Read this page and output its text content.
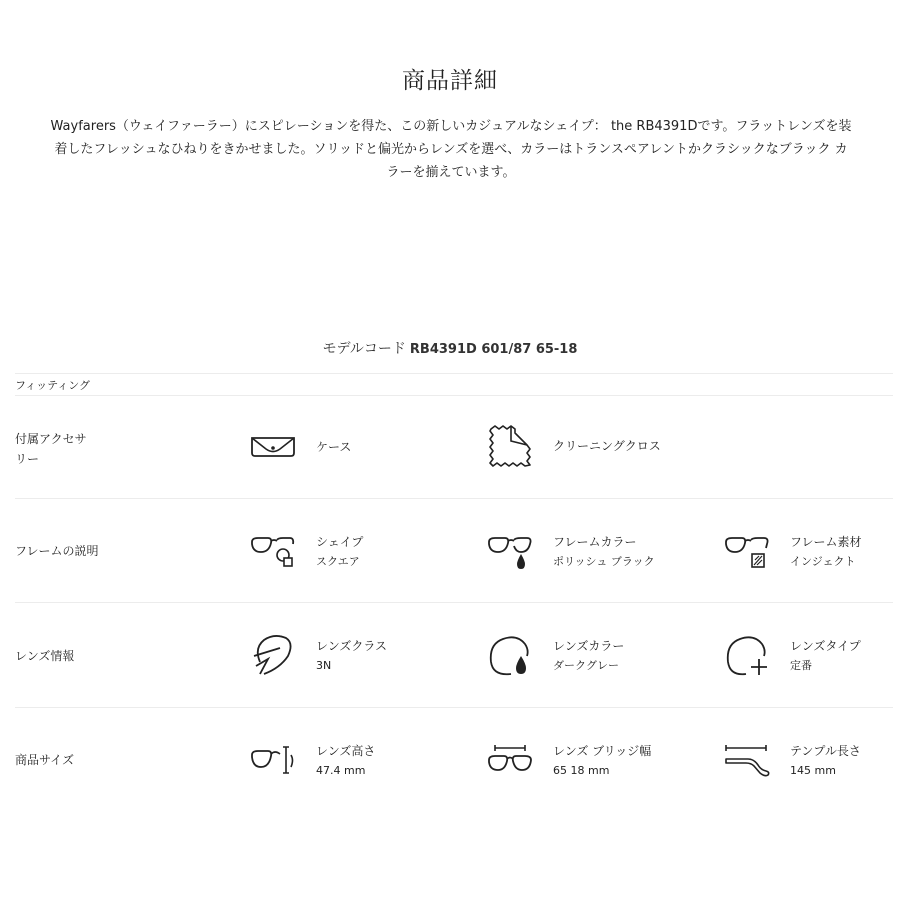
商品詳細
Wayfarers（ウェイファーラー）にスピレーションを得た、この新しいカジュアルなシェイプ： the RB4391Dです。フラットレンズを装
着したフレッシュなひねりをきかせました。ソリッドと偏光からレンズを選べ、カラーはトランスペアレントかクラシックなブラック カ
ラーを揃えています。
モデルコード RB4391D 601/87 65-18
フィッティング
付属アクセサ
リー
ケース	クリーニングクロス
フレームの説明
シェイプ
スクエア
フレームカラー
ポリッシュ ブラック
フレーム素材
インジェクト
レンズ情報
レンズクラス
3N
レンズカラー
ダークグレー
レンズタイプ
定番
商品サイズ
レンズ高さ
47.4 mm
レンズ ブリッジ幅
65 18 mm
テンプル長さ
145 mm
